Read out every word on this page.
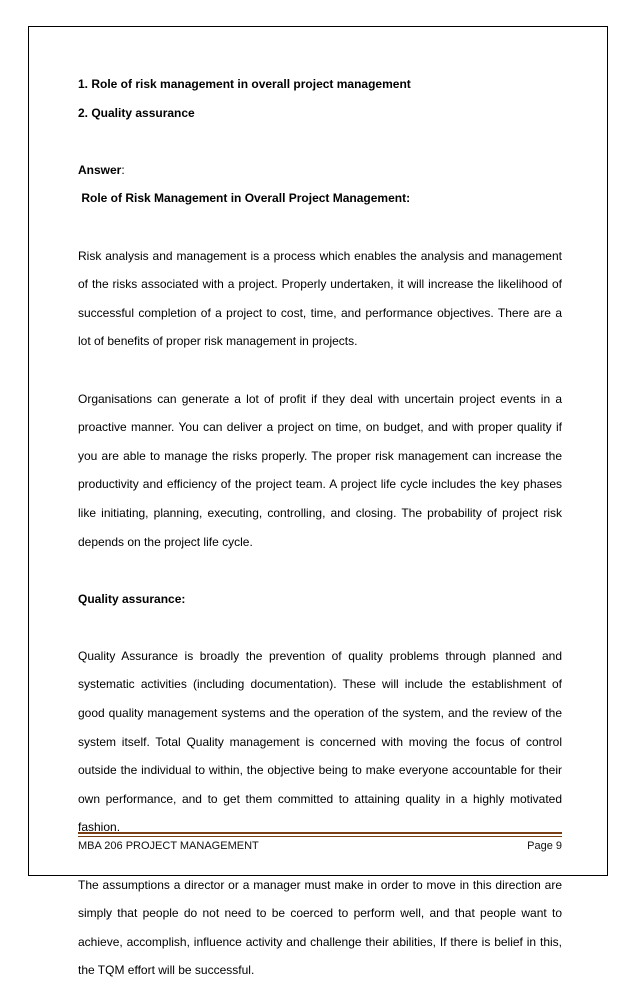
1. Role of risk management in overall project management
2. Quality assurance
Answer:
Role of Risk Management in Overall Project Management:

Risk analysis and management is a process which enables the analysis and management of the risks associated with a project. Properly undertaken, it will increase the likelihood of successful completion of a project to cost, time, and performance objectives. There are a lot of benefits of proper risk management in projects.

Organisations can generate a lot of profit if they deal with uncertain project events in a proactive manner. You can deliver a project on time, on budget, and with proper quality if you are able to manage the risks properly. The proper risk management can increase the productivity and efficiency of the project team. A project life cycle includes the key phases like initiating, planning, executing, controlling, and closing. The probability of project risk depends on the project life cycle.

Quality assurance:

Quality Assurance is broadly the prevention of quality problems through planned and systematic activities (including documentation). These will include the establishment of good quality management systems and the operation of the system, and the review of the system itself. Total Quality management is concerned with moving the focus of control outside the individual to within, the objective being to make everyone accountable for their own performance, and to get them committed to attaining quality in a highly motivated fashion.

The assumptions a director or a manager must make in order to move in this direction are simply that people do not need to be coerced to perform well, and that people want to achieve, accomplish, influence activity and challenge their abilities, If there is belief in this, the TQM effort will be successful.

MBA 206 PROJECT MANAGEMENT	Page 9
